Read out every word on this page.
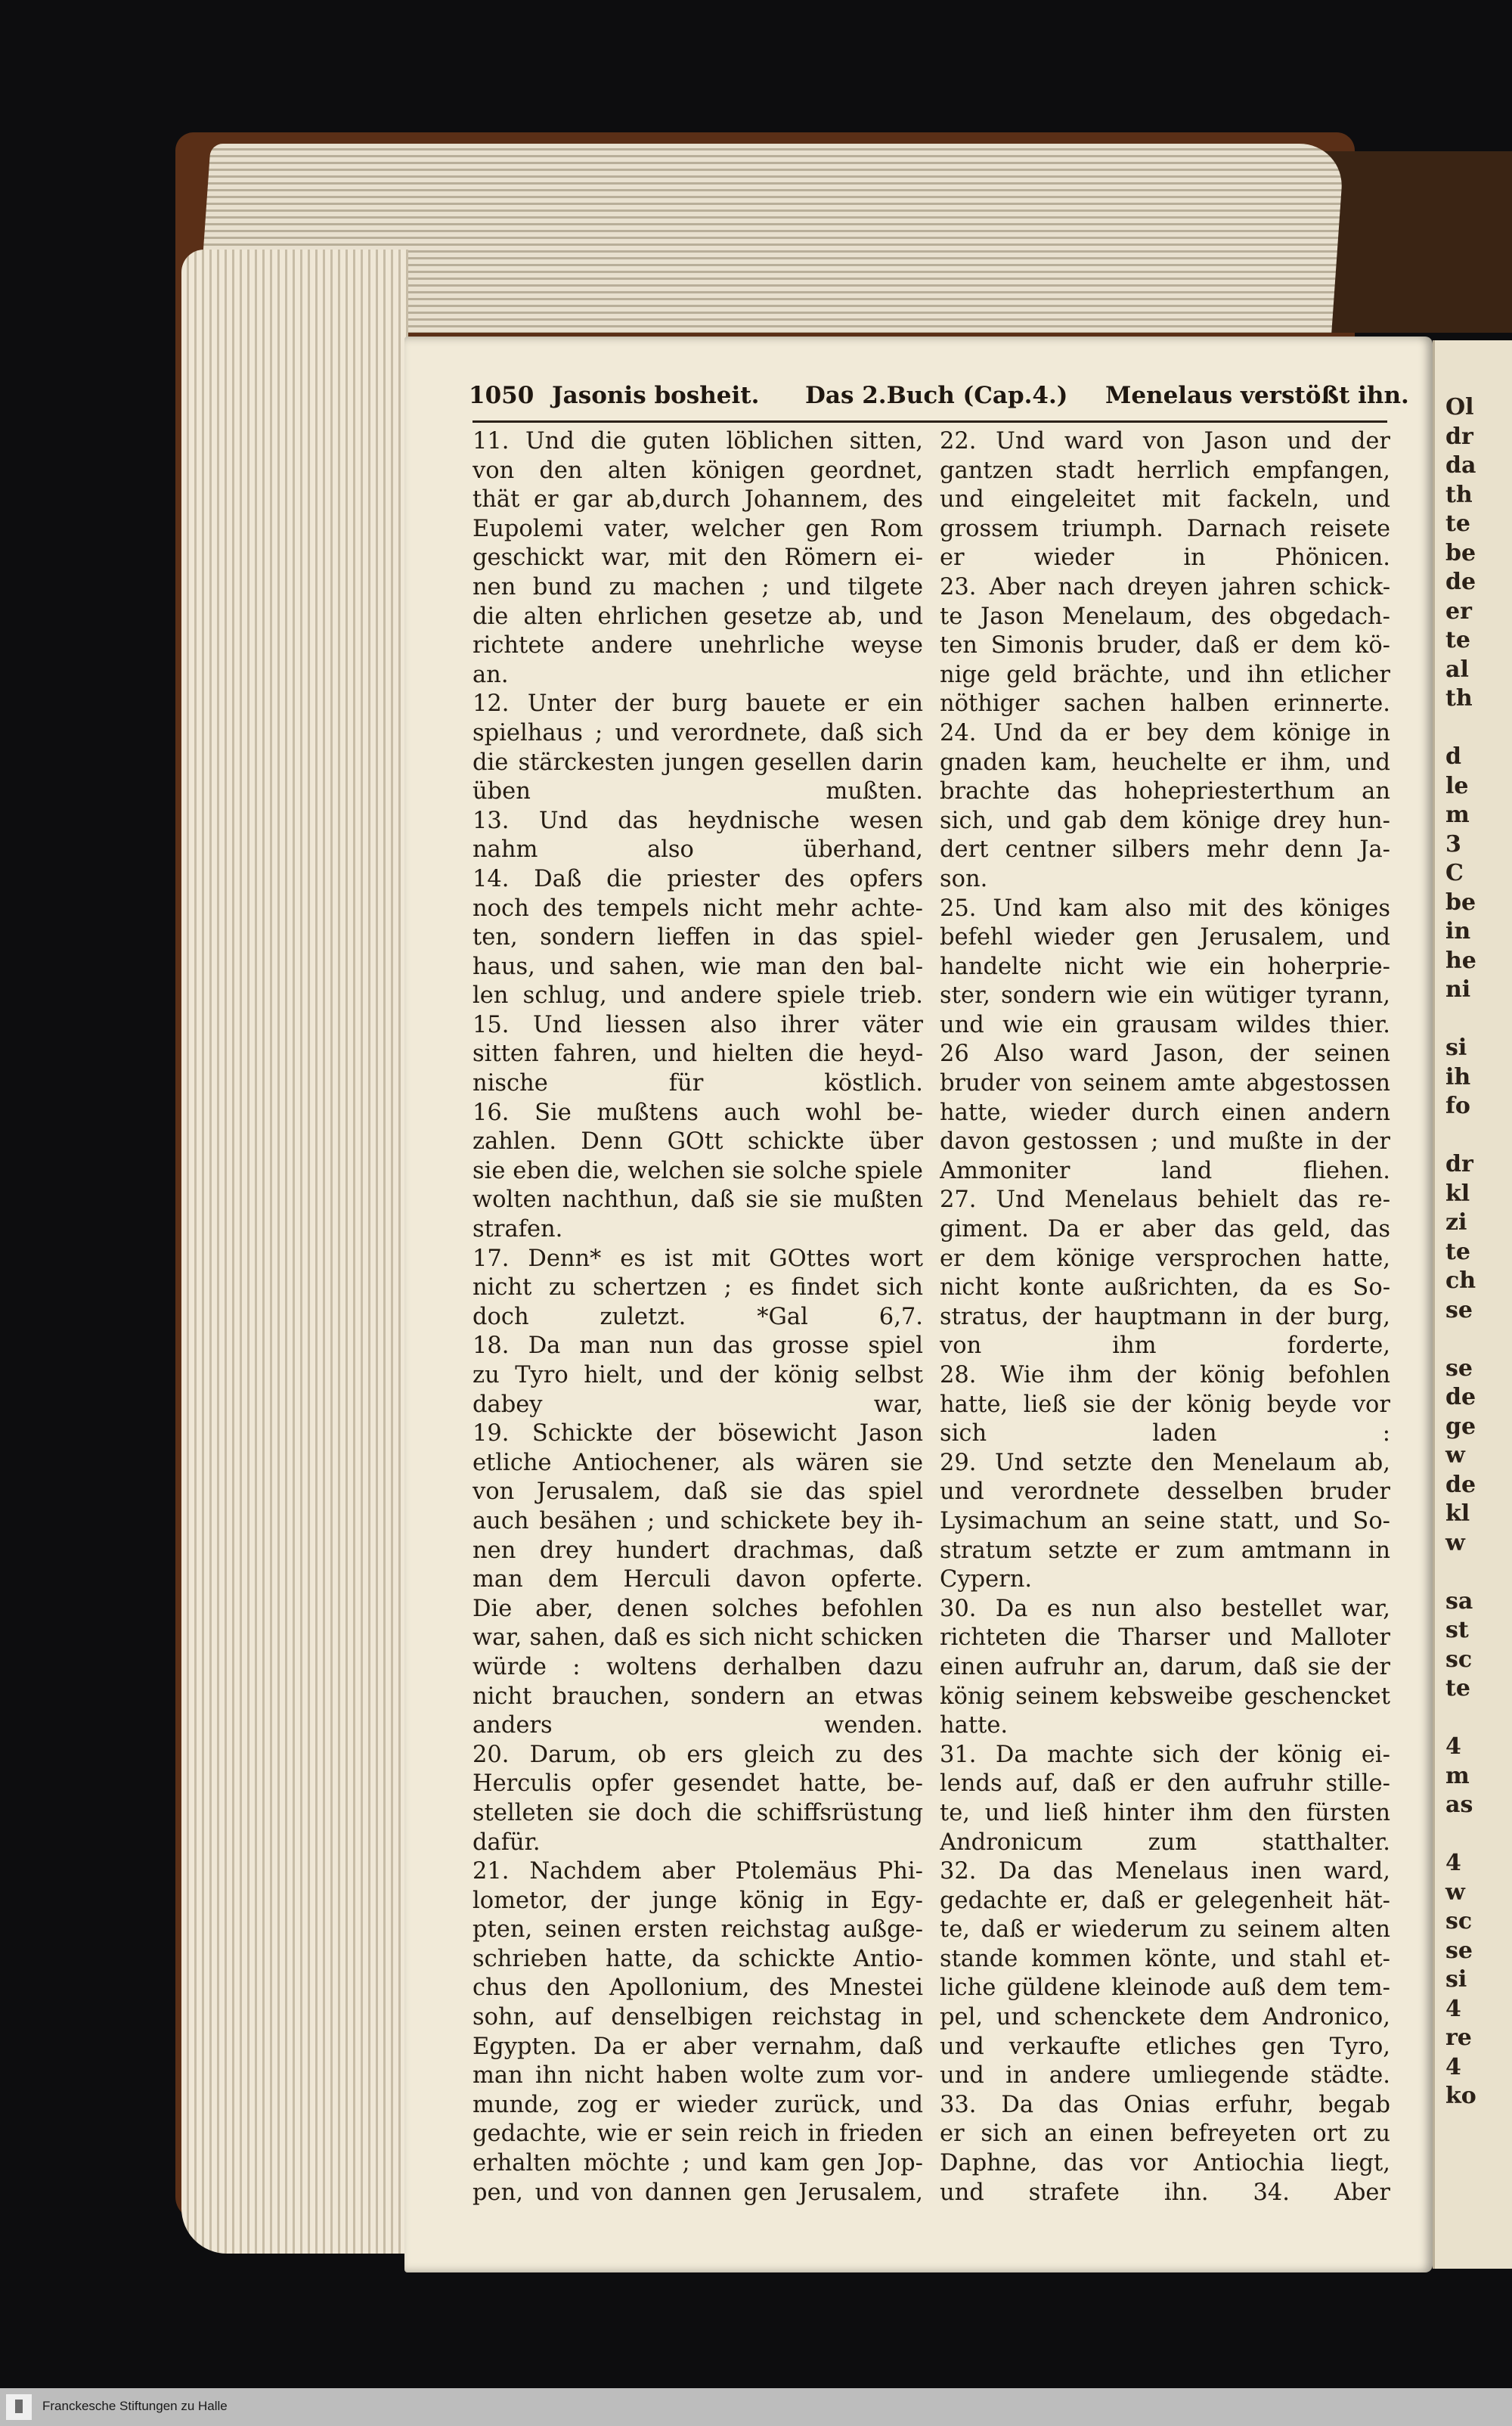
Ol
dr
da
th
te
be
de
er
te
al
th
d
le
m
3
C
be
in
he
ni
si
ih
fo
dr
kl
zi
te
ch
se
se
de
ge
w
de
kl
w
sa
st
sc
te
4
m
as
4
w
sc
se
si
4
re
4
ko
1050 Jasonis bosheit. Das 2.Buch (Cap.4.) Menelaus verstößt ihn.
11. Und die guten löblichen sitten,
von den alten königen geordnet,
thät er gar ab,durch Johannem, des
Eupolemi vater, welcher gen Rom
geschickt war, mit den Römern ei-
nen bund zu machen ; und tilgete
die alten ehrlichen gesetze ab, und
richtete andere unehrliche weyse
an.
12. Unter der burg bauete er ein
spielhaus ; und verordnete, daß sich
die stärckesten jungen gesellen darin
üben mußten.
13. Und das heydnische wesen
nahm also überhand,
14. Daß die priester des opfers
noch des tempels nicht mehr achte-
ten, sondern lieffen in das spiel-
haus, und sahen, wie man den bal-
len schlug, und andere spiele trieb.
15. Und liessen also ihrer väter
sitten fahren, und hielten die heyd-
nische für köstlich.
16. Sie mußtens auch wohl be-
zahlen. Denn GOtt schickte über
sie eben die, welchen sie solche spiele
wolten nachthun, daß sie sie mußten
strafen.
17. Denn* es ist mit GOttes wort
nicht zu schertzen ; es findet sich
doch zuletzt. *Gal 6,7.
18. Da man nun das grosse spiel
zu Tyro hielt, und der könig selbst
dabey war,
19. Schickte der bösewicht Jason
etliche Antiochener, als wären sie
von Jerusalem, daß sie das spiel
auch besähen ; und schickete bey ih-
nen drey hundert drachmas, daß
man dem Herculi davon opferte.
Die aber, denen solches befohlen
war, sahen, daß es sich nicht schicken
würde : woltens derhalben dazu
nicht brauchen, sondern an etwas
anders wenden.
20. Darum, ob ers gleich zu des
Herculis opfer gesendet hatte, be-
stelleten sie doch die schiffsrüstung
dafür.
21. Nachdem aber Ptolemäus Phi-
lometor, der junge könig in Egy-
pten, seinen ersten reichstag außge-
schrieben hatte, da schickte Antio-
chus den Apollonium, des Mnestei
sohn, auf denselbigen reichstag in
Egypten. Da er aber vernahm, daß
man ihn nicht haben wolte zum vor-
munde, zog er wieder zurück, und
gedachte, wie er sein reich in frieden
erhalten möchte ; und kam gen Jop-
pen, und von dannen gen Jerusalem,
22. Und ward von Jason und der
gantzen stadt herrlich empfangen,
und eingeleitet mit fackeln, und
grossem triumph. Darnach reisete
er wieder in Phönicen.
23. Aber nach dreyen jahren schick-
te Jason Menelaum, des obgedach-
ten Simonis bruder, daß er dem kö-
nige geld brächte, und ihn etlicher
nöthiger sachen halben erinnerte.
24. Und da er bey dem könige in
gnaden kam, heuchelte er ihm, und
brachte das hohepriesterthum an
sich, und gab dem könige drey hun-
dert centner silbers mehr denn Ja-
son.
25. Und kam also mit des königes
befehl wieder gen Jerusalem, und
handelte nicht wie ein hoherprie-
ster, sondern wie ein wütiger tyrann,
und wie ein grausam wildes thier.
26 Also ward Jason, der seinen
bruder von seinem amte abgestossen
hatte, wieder durch einen andern
davon gestossen ; und mußte in der
Ammoniter land fliehen.
27. Und Menelaus behielt das re-
giment. Da er aber das geld, das
er dem könige versprochen hatte,
nicht konte außrichten, da es So-
stratus, der hauptmann in der burg,
von ihm forderte,
28. Wie ihm der könig befohlen
hatte, ließ sie der könig beyde vor
sich laden :
29. Und setzte den Menelaum ab,
und verordnete desselben bruder
Lysimachum an seine statt, und So-
stratum setzte er zum amtmann in
Cypern.
30. Da es nun also bestellet war,
richteten die Tharser und Malloter
einen aufruhr an, darum, daß sie der
könig seinem kebsweibe geschencket
hatte.
31. Da machte sich der könig ei-
lends auf, daß er den aufruhr stille-
te, und ließ hinter ihm den fürsten
Andronicum zum statthalter.
32. Da das Menelaus inen ward,
gedachte er, daß er gelegenheit hät-
te, daß er wiederum zu seinem alten
stande kommen könte, und stahl et-
liche güldene kleinode auß dem tem-
pel, und schenckete dem Andronico,
und verkaufte etliches gen Tyro,
und in andere umliegende städte.
33. Da das Onias erfuhr, begab
er sich an einen befreyeten ort zu
Daphne, das vor Antiochia liegt,
und strafete ihn. 34. Aber
Franckesche Stiftungen zu Halle
